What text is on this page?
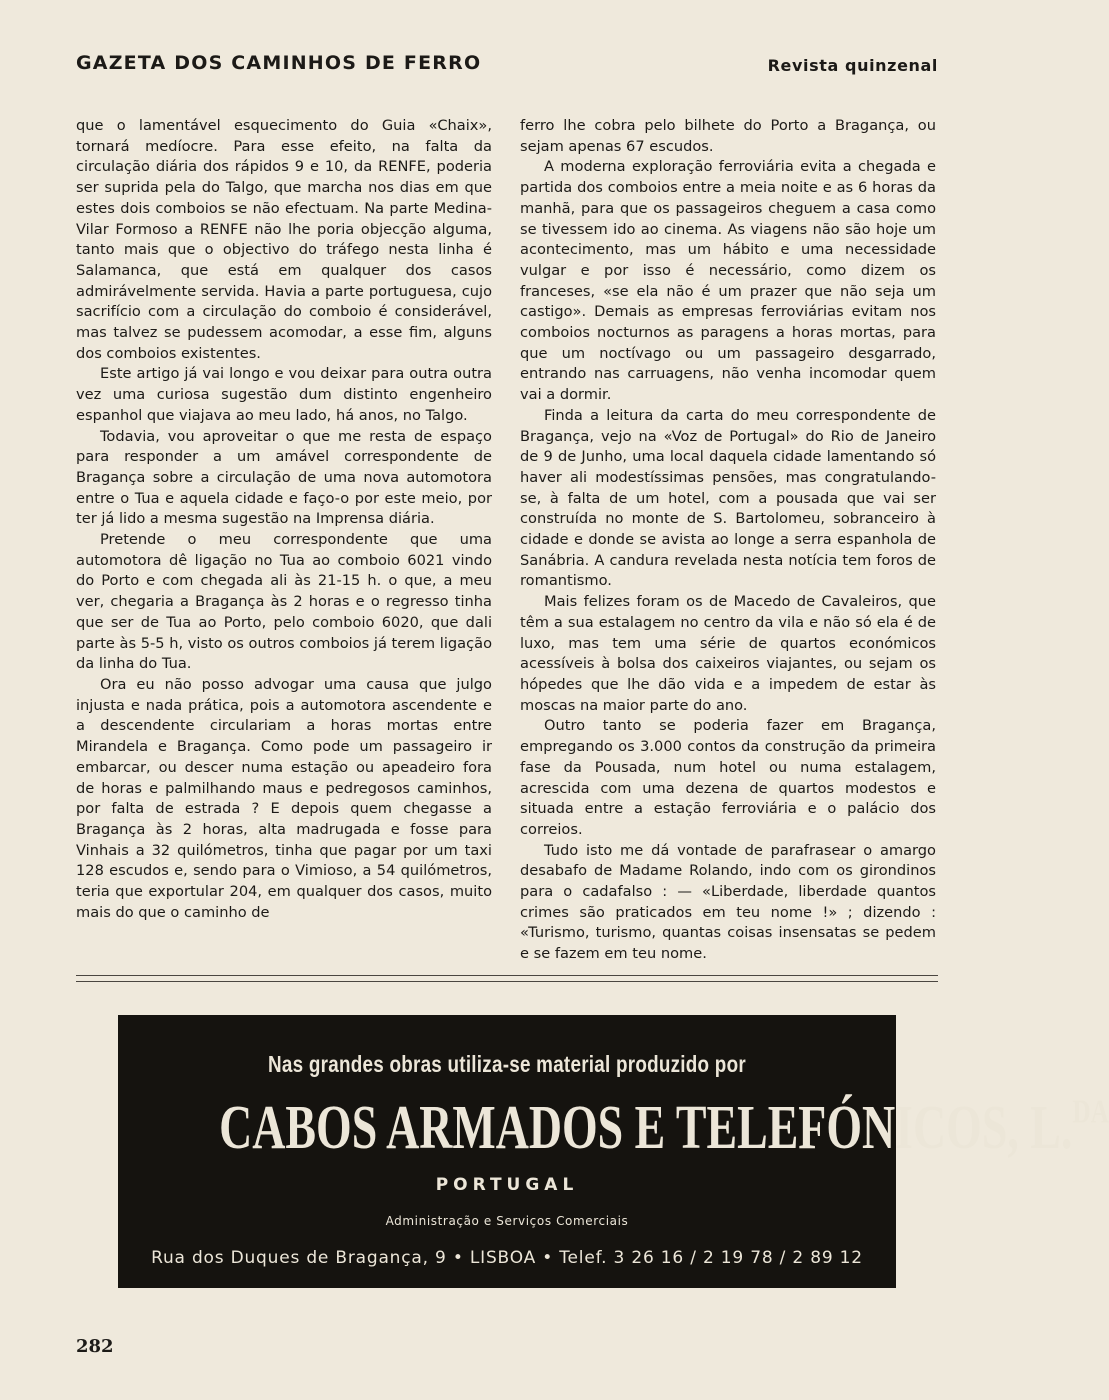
GAZETA DOS CAMINHOS DE FERRO	Revista quinzenal

que o lamentável esquecimento do Guia «Chaix», tornará medíocre. Para esse efeito, na falta da circulação diária dos rápidos 9 e 10, da RENFE, poderia ser suprida pela do Talgo, que marcha nos dias em que estes dois comboios se não efectuam. Na parte Medina-Vilar Formoso a RENFE não lhe poria objecção alguma, tanto mais que o objectivo do tráfego nesta linha é Salamanca, que está em qualquer dos casos admirávelmente servida. Havia a parte portuguesa, cujo sacrifício com a circulação do comboio é considerável, mas talvez se pudessem acomodar, a esse fim, alguns dos comboios existentes.

Este artigo já vai longo e vou deixar para outra outra vez uma curiosa sugestão dum distinto engenheiro espanhol que viajava ao meu lado, há anos, no Talgo.

Todavia, vou aproveitar o que me resta de espaço para responder a um amável correspondente de Bragança sobre a circulação de uma nova automotora entre o Tua e aquela cidade e faço-o por este meio, por ter já lido a mesma sugestão na Imprensa diária.

Pretende o meu correspondente que uma automotora dê ligação no Tua ao comboio 6021 vindo do Porto e com chegada ali às 21-15 h. o que, a meu ver, chegaria a Bragança às 2 horas e o regresso tinha que ser de Tua ao Porto, pelo comboio 6020, que dali parte às 5-5 h, visto os outros comboios já terem ligação da linha do Tua.

Ora eu não posso advogar uma causa que julgo injusta e nada prática, pois a automotora ascendente e a descendente circulariam a horas mortas entre Mirandela e Bragança. Como pode um passageiro ir embarcar, ou descer numa estação ou apeadeiro fora de horas e palmilhando maus e pedregosos caminhos, por falta de estrada ? E depois quem chegasse a Bragança às 2 horas, alta madrugada e fosse para Vinhais a 32 quilómetros, tinha que pagar por um taxi 128 escudos e, sendo para o Vimioso, a 54 quilómetros, teria que exportular 204, em qualquer dos casos, muito mais do que o caminho de

ferro lhe cobra pelo bilhete do Porto a Bragança, ou sejam apenas 67 escudos.

A moderna exploração ferroviária evita a chegada e partida dos comboios entre a meia noite e as 6 horas da manhã, para que os passageiros cheguem a casa como se tivessem ido ao cinema. As viagens não são hoje um acontecimento, mas um hábito e uma necessidade vulgar e por isso é necessário, como dizem os franceses, «se ela não é um prazer que não seja um castigo». Demais as empresas ferroviárias evitam nos comboios nocturnos as paragens a horas mortas, para que um noctívago ou um passageiro desgarrado, entrando nas carruagens, não venha incomodar quem vai a dormir.

Finda a leitura da carta do meu correspondente de Bragança, vejo na «Voz de Portugal» do Rio de Janeiro de 9 de Junho, uma local daquela cidade lamentando só haver ali modestíssimas pensões, mas congratulando-se, à falta de um hotel, com a pousada que vai ser construída no monte de S. Bartolomeu, sobranceiro à cidade e donde se avista ao longe a serra espanhola de Sanábria. A candura revelada nesta notícia tem foros de romantismo.

Mais felizes foram os de Macedo de Cavaleiros, que têm a sua estalagem no centro da vila e não só ela é de luxo, mas tem uma série de quartos económicos acessíveis à bolsa dos caixeiros viajantes, ou sejam os hópedes que lhe dão vida e a impedem de estar às moscas na maior parte do ano.

Outro tanto se poderia fazer em Bragança, empregando os 3.000 contos da construção da primeira fase da Pousada, num hotel ou numa estalagem, acrescida com uma dezena de quartos modestos e situada entre a estação ferroviária e o palácio dos correios.

Tudo isto me dá vontade de parafrasear o amargo desabafo de Madame Rolando, indo com os girondinos para o cadafalso : — «Liberdade, liberdade quantos crimes são praticados em teu nome !» ; dizendo : «Turismo, turismo, quantas coisas insensatas se pedem e se fazem em teu nome.

Nas grandes obras utiliza-se material produzido por
CABOS ARMADOS E TELEFÓNICOS, L.$^{DA}$
PORTUGAL
Administração e Serviços Comerciais
Rua dos Duques de Bragança, 9 • LISBOA • Telef. 3 26 16 / 2 19 78 / 2 89 12
282
